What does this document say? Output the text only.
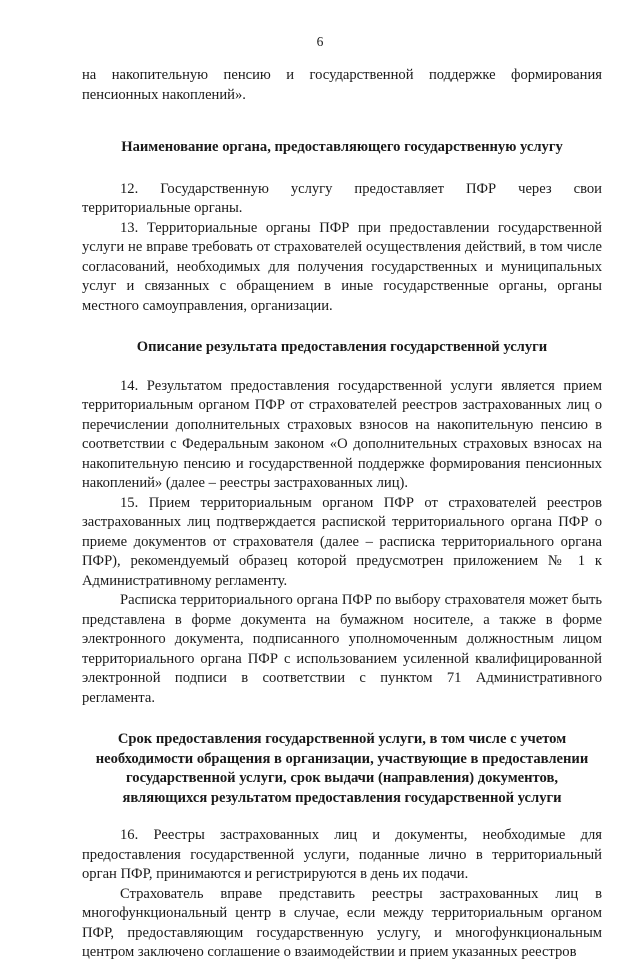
6

на накопительную пенсию и государственной поддержке формирования пенсионных накоплений».

Наименование органа, предоставляющего государственную услугу

12. Государственную услугу предоставляет ПФР через свои территориальные органы.

13. Территориальные органы ПФР при предоставлении государственной услуги не вправе требовать от страхователей осуществления действий, в том числе согласований, необходимых для получения государственных и муниципальных услуг и связанных с обращением в иные государственные органы, органы местного самоуправления, организации.

Описание результата предоставления государственной услуги

14. Результатом предоставления государственной услуги является прием территориальным органом ПФР от страхователей реестров застрахованных лиц о перечислении дополнительных страховых взносов на накопительную пенсию в соответствии с Федеральным законом «О дополнительных страховых взносах на накопительную пенсию и государственной поддержке формирования пенсионных накоплений» (далее – реестры застрахованных лиц).

15. Прием территориальным органом ПФР от страхователей реестров застрахованных лиц подтверждается распиской территориального органа ПФР о приеме документов от страхователя (далее – расписка территориального органа ПФР), рекомендуемый образец которой предусмотрен приложением № 1 к Административному регламенту.

Расписка территориального органа ПФР по выбору страхователя может быть представлена в форме документа на бумажном носителе, а также в форме электронного документа, подписанного уполномоченным должностным лицом территориального органа ПФР с использованием усиленной квалифицированной электронной подписи в соответствии с пунктом 71 Административного регламента.

Срок предоставления государственной услуги, в том числе с учетом необходимости обращения в организации, участвующие в предоставлении государственной услуги, срок выдачи (направления) документов, являющихся результатом предоставления государственной услуги

16. Реестры застрахованных лиц и документы, необходимые для предоставления государственной услуги, поданные лично в территориальный орган ПФР, принимаются и регистрируются в день их подачи.

Страхователь вправе представить реестры застрахованных лиц в многофункциональный центр в случае, если между территориальным органом ПФР, предоставляющим государственную услугу, и многофункциональным центром заключено соглашение о взаимодействии и прием указанных реестров
